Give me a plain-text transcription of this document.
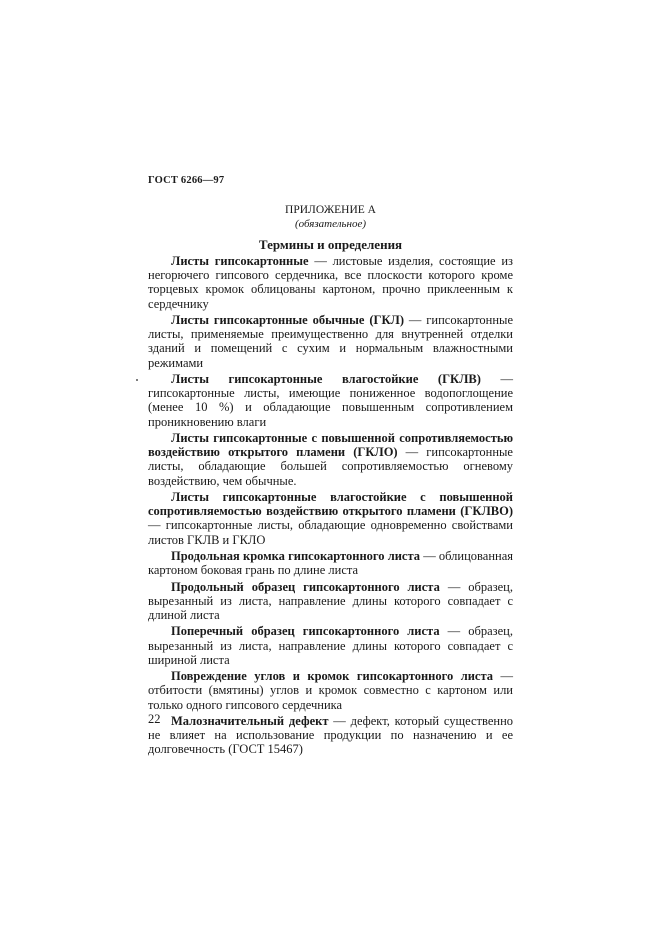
ГОСТ 6266—97
ПРИЛОЖЕНИЕ А
(обязательное)
Термины и определения

Листы гипсокартонные — листовые изделия, состоящие из негорючего гипсового сердечника, все плоскости которого кроме торцевых кромок облицованы картоном, прочно приклеенным к сердечнику

Листы гипсокартонные обычные (ГКЛ) — гипсокартонные листы, применяемые преимущественно для внутренней отделки зданий и помещений с сухим и нормальным влажностными режимами

Листы гипсокартонные влагостойкие (ГКЛВ) — гипсокартонные листы, имеющие пониженное водопоглощение (менее 10 %) и обладающие повышенным сопротивлением проникновению влаги

Листы гипсокартонные с повышенной сопротивляемостью воздействию открытого пламени (ГКЛО) — гипсокартонные листы, обладающие большей сопротивляемостью огневому воздействию, чем обычные.

Листы гипсокартонные влагостойкие с повышенной сопротивляемостью воздействию открытого пламени (ГКЛВО) — гипсокартонные листы, обладающие одновременно свойствами листов ГКЛВ и ГКЛО

Продольная кромка гипсокартонного листа — облицованная картоном боковая грань по длине листа

Продольный образец гипсокартонного листа — образец, вырезанный из листа, направление длины которого совпадает с длиной листа

Поперечный образец гипсокартонного листа — образец, вырезанный из листа, направление длины которого совпадает с шириной листа

Повреждение углов и кромок гипсокартонного листа — отбитости (вмятины) углов и кромок совместно с картоном или только одного гипсового сердечника

Малозначительный дефект — дефект, который существенно не влияет на использование продукции по назначению и ее долговечность (ГОСТ 15467)

22
